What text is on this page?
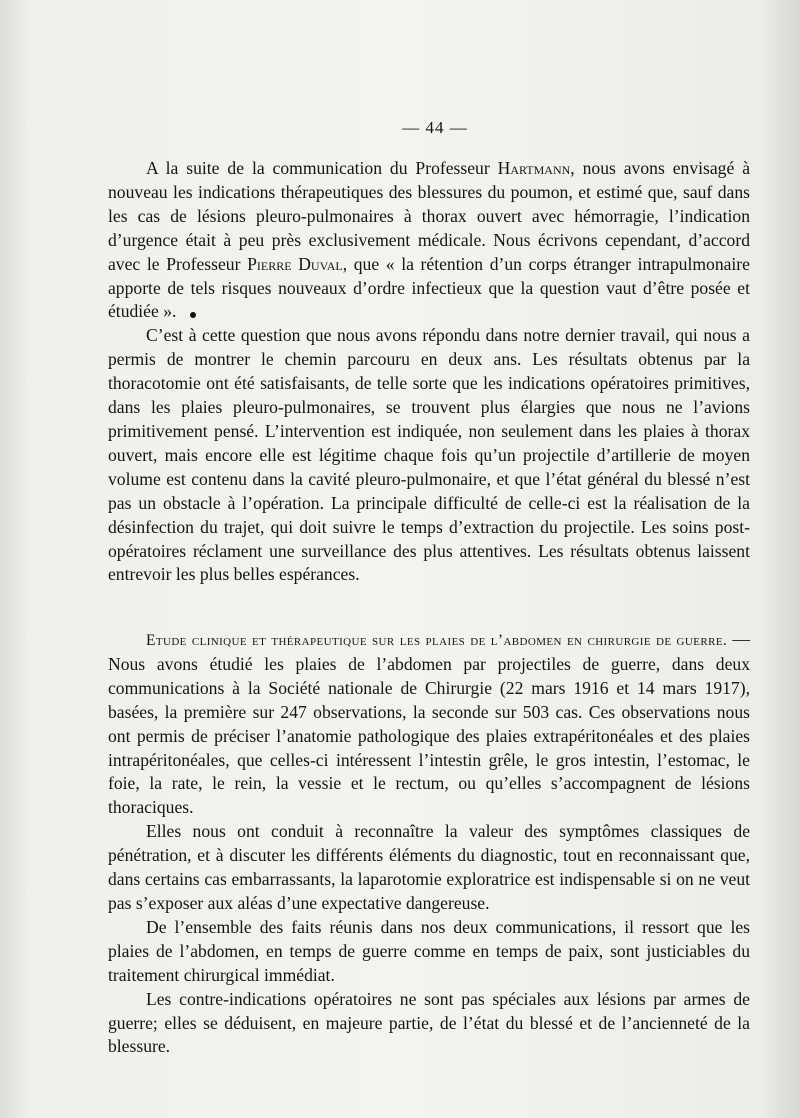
— 44 —

A la suite de la communication du Professeur Hartmann, nous avons envisagé à nouveau les indications thérapeutiques des blessures du poumon, et estimé que, sauf dans les cas de lésions pleuro-pulmonaires à thorax ouvert avec hémorragie, l’indication d’urgence était à peu près exclusivement médicale. Nous écrivons cependant, d’accord avec le Professeur Pierre Duval, que « la rétention d’un corps étranger intrapulmonaire apporte de tels risques nouveaux d’ordre infectieux que la question vaut d’être posée et étudiée ».

C’est à cette question que nous avons répondu dans notre dernier travail, qui nous a permis de montrer le chemin parcouru en deux ans. Les résultats obtenus par la thoracotomie ont été satisfaisants, de telle sorte que les indications opératoires primitives, dans les plaies pleuro-pulmonaires, se trouvent plus élargies que nous ne l’avions primitivement pensé. L’intervention est indiquée, non seulement dans les plaies à thorax ouvert, mais encore elle est légitime chaque fois qu’un projectile d’artillerie de moyen volume est contenu dans la cavité pleuro-pulmonaire, et que l’état général du blessé n’est pas un obstacle à l’opération. La principale difficulté de celle-ci est la réalisation de la désinfection du trajet, qui doit suivre le temps d’extraction du projectile. Les soins post-opératoires réclament une surveillance des plus attentives. Les résultats obtenus laissent entrevoir les plus belles espérances.

Etude clinique et thérapeutique sur les plaies de l’abdomen en chirurgie de guerre. — Nous avons étudié les plaies de l’abdomen par projectiles de guerre, dans deux communications à la Société nationale de Chirurgie (22 mars 1916 et 14 mars 1917), basées, la première sur 247 observations, la seconde sur 503 cas. Ces observations nous ont permis de préciser l’anatomie pathologique des plaies extrapéritonéales et des plaies intrapéritonéales, que celles-ci intéressent l’intestin grêle, le gros intestin, l’estomac, le foie, la rate, le rein, la vessie et le rectum, ou qu’elles s’accompagnent de lésions thoraciques.

Elles nous ont conduit à reconnaître la valeur des symptômes classiques de pénétration, et à discuter les différents éléments du diagnostic, tout en reconnaissant que, dans certains cas embarrassants, la laparotomie exploratrice est indispensable si on ne veut pas s’exposer aux aléas d’une expectative dangereuse.

De l’ensemble des faits réunis dans nos deux communications, il ressort que les plaies de l’abdomen, en temps de guerre comme en temps de paix, sont justiciables du traitement chirurgical immédiat.

Les contre-indications opératoires ne sont pas spéciales aux lésions par armes de guerre; elles se déduisent, en majeure partie, de l’état du blessé et de l’ancienneté de la blessure.
